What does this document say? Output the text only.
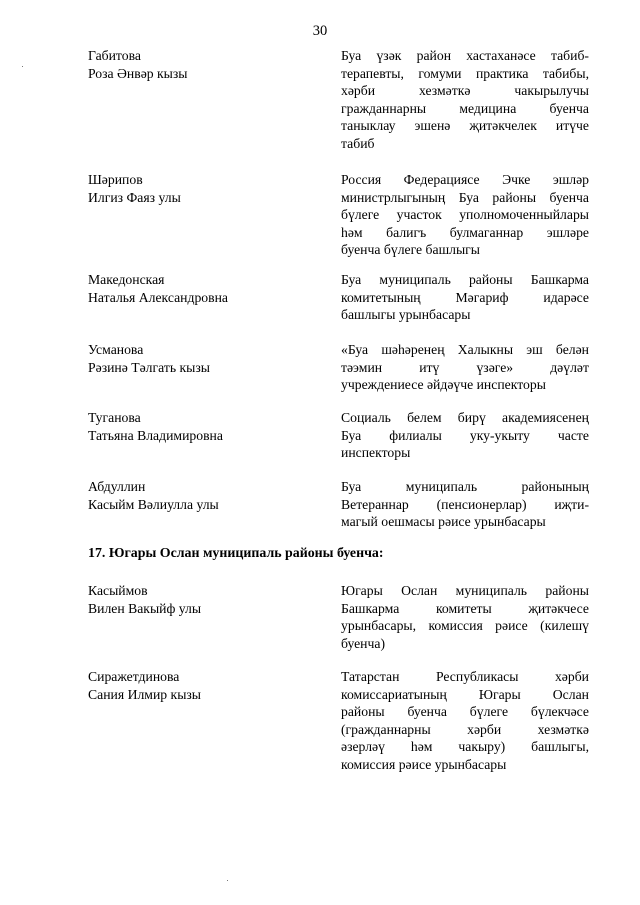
30
Габитова
Роза Әнвәр кызы
Буа үзәк район хастаханәсе табиб-
терапевты, гомуми практика табибы,
хәрби хезмәткә чакырылучы
гражданнарны медицина буенча
таныклау эшенә җитәкчелек итүче
табиб
Шәрипов
Илгиз Фаяз улы
Россия Федерациясе Эчке эшләр
министрлыгының Буа районы буенча
бүлеге участок уполномоченныйлары
һәм балигъ булмаганнар эшләре
буенча бүлеге башлыгы
Македонская
Наталья Александровна
Буа муниципаль районы Башкарма
комитетының Мәгариф идарәсе
башлыгы урынбасары
Усманова
Рәзинә Тәлгать кызы
«Буа шәһәренең Халыкны эш белән
тәэмин итү үзәге» дәүләт
учреждениесе әйдәүче инспекторы
Туганова
Татьяна Владимировна
Социаль белем бирү академиясенең
Буа филиалы уку-укыту часте
инспекторы
Абдуллин
Касыйм Вәлиулла улы
Буа муниципаль районының
Ветераннар (пенсионерлар) иҗти-
магый оешмасы рәисе урынбасары
Касыймов
Вилен Вакыйф улы
Югары Ослан муниципаль районы
Башкарма комитеты җитәкчесе
урынбасары, комиссия рәисе (килешү
буенча)
Сиражетдинова
Сания Илмир кызы
Татарстан Республикасы хәрби
комиссариатының Югары Ослан
районы буенча бүлеге бүлекчәсе
(гражданнарны хәрби хезмәткә
әзерләү һәм чакыру) башлыгы,
комиссия рәисе урынбасары
17. Югары Ослан муниципаль районы буенча:
